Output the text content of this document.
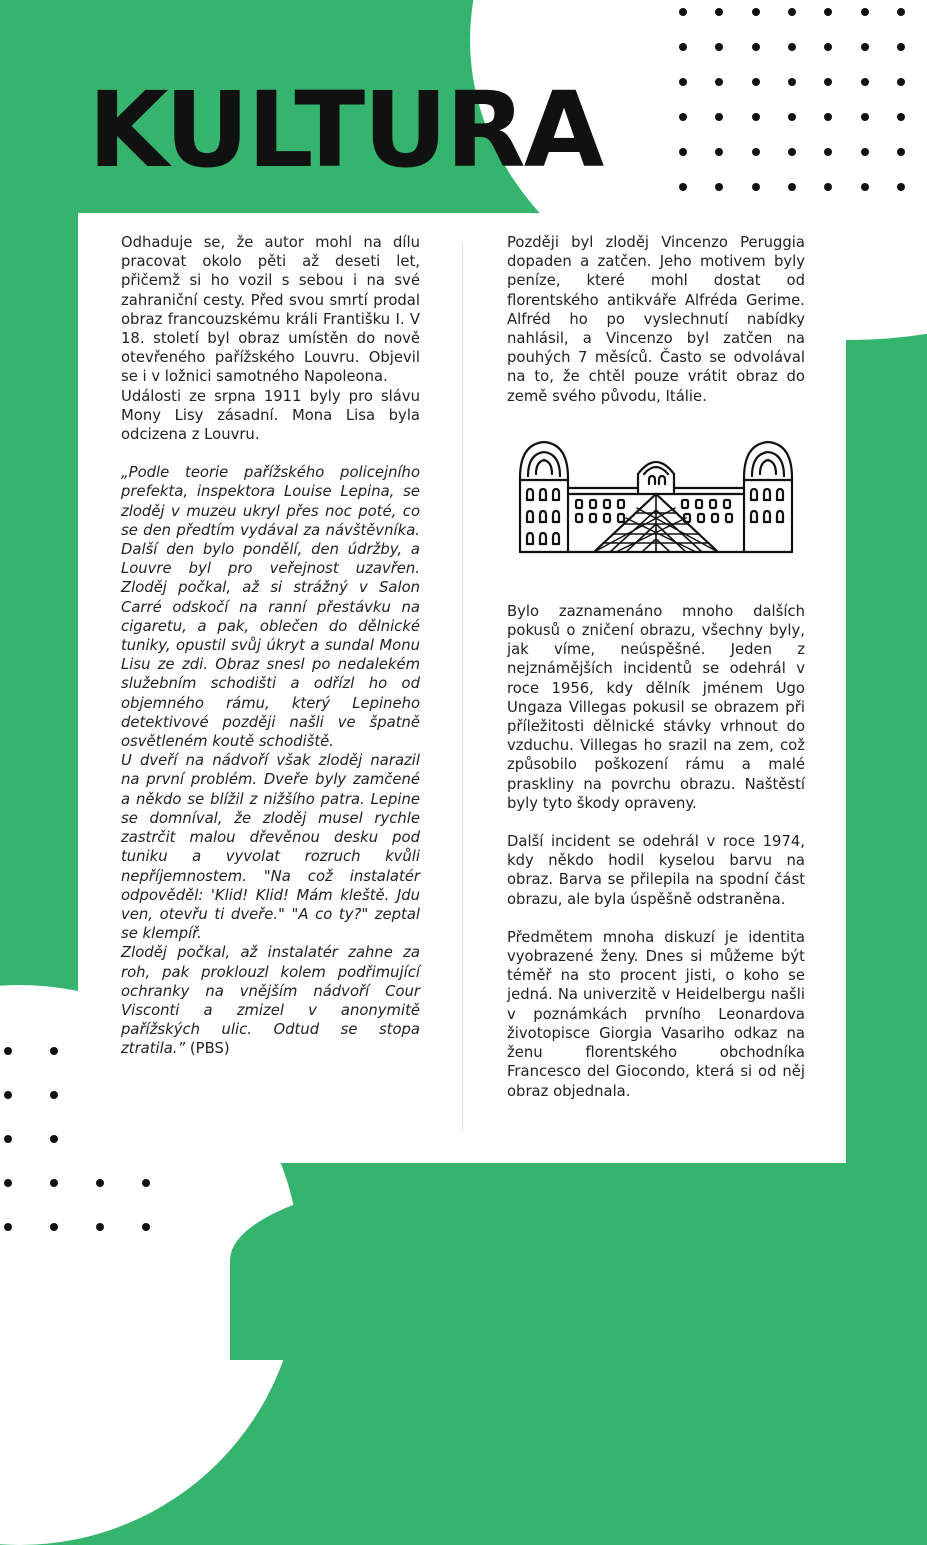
KULTURA

Odhaduje se, že autor mohl na dílu pracovat okolo pěti až deseti let, přičemž si ho vozil s sebou i na své zahraniční cesty. Před svou smrtí prodal obraz francouzskému králi Františku I. V 18. století byl obraz umístěn do nově otevřeného pařížského Louvru. Objevil se i v ložnici samotného Napoleona.

Události ze srpna 1911 byly pro slávu Mony Lisy zásadní. Mona Lisa byla odcizena z Louvru.

„Podle teorie pařížského policejního prefekta, inspektora Louise Lepina, se zloděj v muzeu ukryl přes noc poté, co se den předtím vydával za návštěvníka. Další den bylo pondělí, den údržby, a Louvre byl pro veřejnost uzavřen. Zloděj počkal, až si strážný v Salon Carré odskočí na ranní přestávku na cigaretu, a pak, oblečen do dělnické tuniky, opustil svůj úkryt a sundal Monu Lisu ze zdi. Obraz snesl po nedalekém služebním schodišti a odřízl ho od objemného rámu, který Lepineho detektivové později našli ve špatně osvětleném koutě schodiště.

U dveří na nádvoří však zloděj narazil na první problém. Dveře byly zamčené a někdo se blížil z nižšího patra. Lepine se domníval, že zloděj musel rychle zastrčit malou dřevěnou desku pod tuniku a vyvolat rozruch kvůli nepříjemnostem. "Na což instalatér odpověděl: 'Klid! Klid! Mám kleště. Jdu ven, otevřu ti dveře." "A co ty?" zeptal se klempíř.

Zloděj počkal, až instalatér zahne za roh, pak proklouzl kolem podřimující ochranky na vnějším nádvoří Cour Visconti a zmizel v anonymitě pařížských ulic. Odtud se stopa ztratila.” (PBS)

Později byl zloděj Vincenzo Peruggia dopaden a zatčen. Jeho motivem byly peníze, které mohl dostat od florentského antikváře Alfréda Gerime. Alfréd ho po vyslechnutí nabídky nahlásil, a Vincenzo byl zatčen na pouhých 7 měsíců. Často se odvolával na to, že chtěl pouze vrátit obraz do země svého původu, Itálie.

Bylo zaznamenáno mnoho dalších pokusů o zničení obrazu, všechny byly, jak víme, neúspěšné. Jeden z nejznámějších incidentů se odehrál v roce 1956, kdy dělník jménem Ugo Ungaza Villegas pokusil se obrazem při příležitosti dělnické stávky vrhnout do vzduchu. Villegas ho srazil na zem, což způsobilo poškození rámu a malé praskliny na povrchu obrazu. Naštěstí byly tyto škody opraveny.

Další incident se odehrál v roce 1974, kdy někdo hodil kyselou barvu na obraz. Barva se přilepila na spodní část obrazu, ale byla úspěšně odstraněna.

Předmětem mnoha diskuzí je identita vyobrazené ženy. Dnes si můžeme být téměř na sto procent jisti, o koho se jedná. Na univerzitě v Heidelbergu našli v poznámkách prvního Leonardova životopisce Giorgia Vasariho odkaz na ženu florentského obchodníka Francesco del Giocondo, která si od něj obraz objednala.
